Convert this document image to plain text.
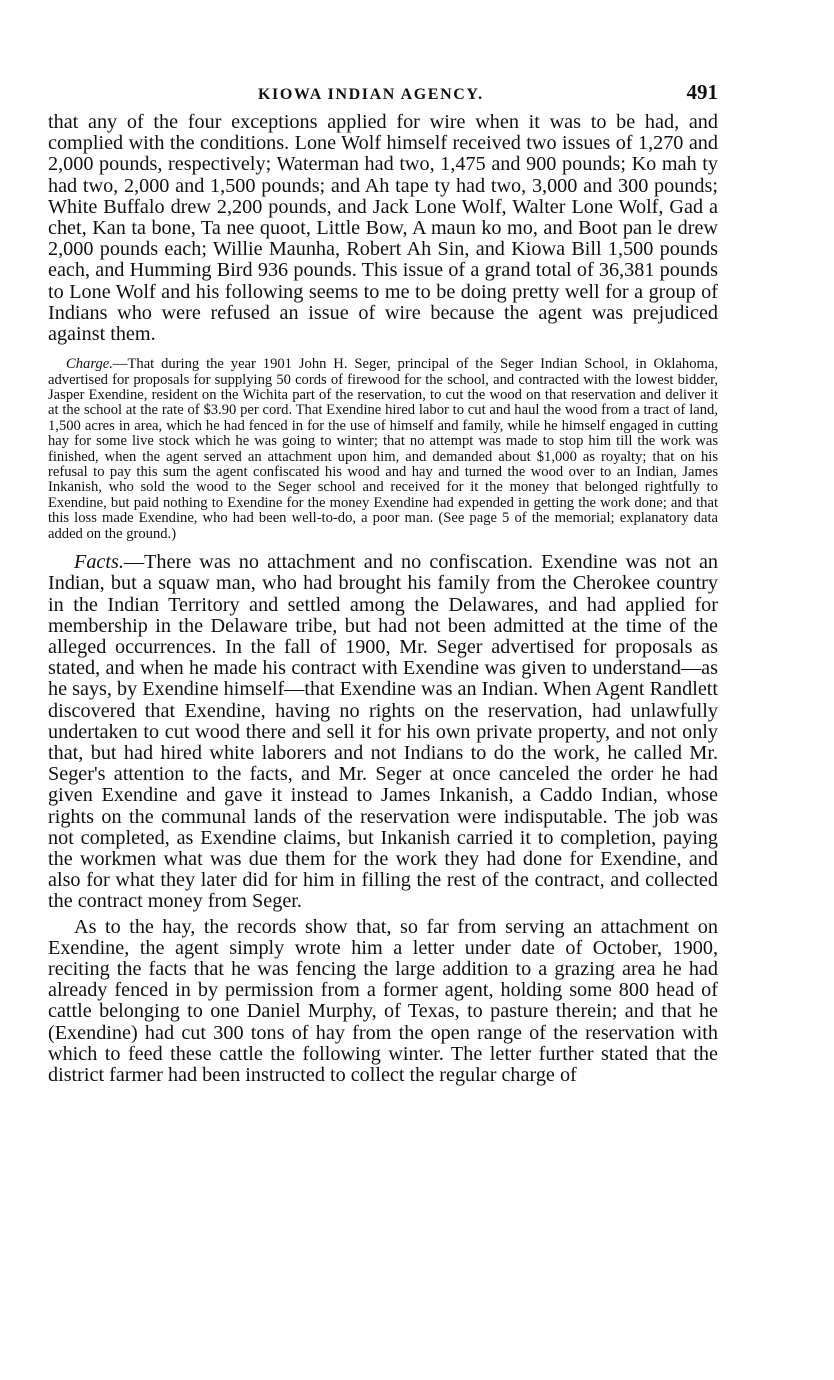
KIOWA INDIAN AGENCY.	491

that any of the four exceptions applied for wire when it was to be had, and complied with the conditions. Lone Wolf himself received two issues of 1,270 and 2,000 pounds, respectively; Waterman had two, 1,475 and 900 pounds; Ko mah ty had two, 2,000 and 1,500 pounds; and Ah tape ty had two, 3,000 and 300 pounds; White Buffalo drew 2,200 pounds, and Jack Lone Wolf, Walter Lone Wolf, Gad a chet, Kan ta bone, Ta nee quoot, Little Bow, A maun ko mo, and Boot pan le drew 2,000 pounds each; Willie Maunha, Robert Ah Sin, and Kiowa Bill 1,500 pounds each, and Humming Bird 936 pounds. This issue of a grand total of 36,381 pounds to Lone Wolf and his following seems to me to be doing pretty well for a group of Indians who were refused an issue of wire because the agent was prejudiced against them.

Charge.—That during the year 1901 John H. Seger, principal of the Seger Indian School, in Oklahoma, advertised for proposals for supplying 50 cords of firewood for the school, and contracted with the lowest bidder, Jasper Exendine, resident on the Wichita part of the reservation, to cut the wood on that reservation and deliver it at the school at the rate of $3.90 per cord. That Exendine hired labor to cut and haul the wood from a tract of land, 1,500 acres in area, which he had fenced in for the use of himself and family, while he himself engaged in cutting hay for some live stock which he was going to winter; that no attempt was made to stop him till the work was finished, when the agent served an attachment upon him, and demanded about $1,000 as royalty; that on his refusal to pay this sum the agent confiscated his wood and hay and turned the wood over to an Indian, James Inkanish, who sold the wood to the Seger school and received for it the money that belonged rightfully to Exendine, but paid nothing to Exendine for the money Exendine had expended in getting the work done; and that this loss made Exendine, who had been well-to-do, a poor man. (See page 5 of the memorial; explanatory data added on the ground.)

Facts.—There was no attachment and no confiscation. Exendine was not an Indian, but a squaw man, who had brought his family from the Cherokee country in the Indian Territory and settled among the Delawares, and had applied for membership in the Delaware tribe, but had not been admitted at the time of the alleged occurrences. In the fall of 1900, Mr. Seger advertised for proposals as stated, and when he made his contract with Exendine was given to understand—as he says, by Exendine himself—that Exendine was an Indian. When Agent Randlett discovered that Exendine, having no rights on the reservation, had unlawfully undertaken to cut wood there and sell it for his own private property, and not only that, but had hired white laborers and not Indians to do the work, he called Mr. Seger's attention to the facts, and Mr. Seger at once canceled the order he had given Exendine and gave it instead to James Inkanish, a Caddo Indian, whose rights on the communal lands of the reservation were indisputable. The job was not completed, as Exendine claims, but Inkanish carried it to completion, paying the workmen what was due them for the work they had done for Exendine, and also for what they later did for him in filling the rest of the contract, and collected the contract money from Seger.

As to the hay, the records show that, so far from serving an attachment on Exendine, the agent simply wrote him a letter under date of October, 1900, reciting the facts that he was fencing the large addition to a grazing area he had already fenced in by permission from a former agent, holding some 800 head of cattle belonging to one Daniel Murphy, of Texas, to pasture therein; and that he (Exendine) had cut 300 tons of hay from the open range of the reservation with which to feed these cattle the following winter. The letter further stated that the district farmer had been instructed to collect the regular charge of
